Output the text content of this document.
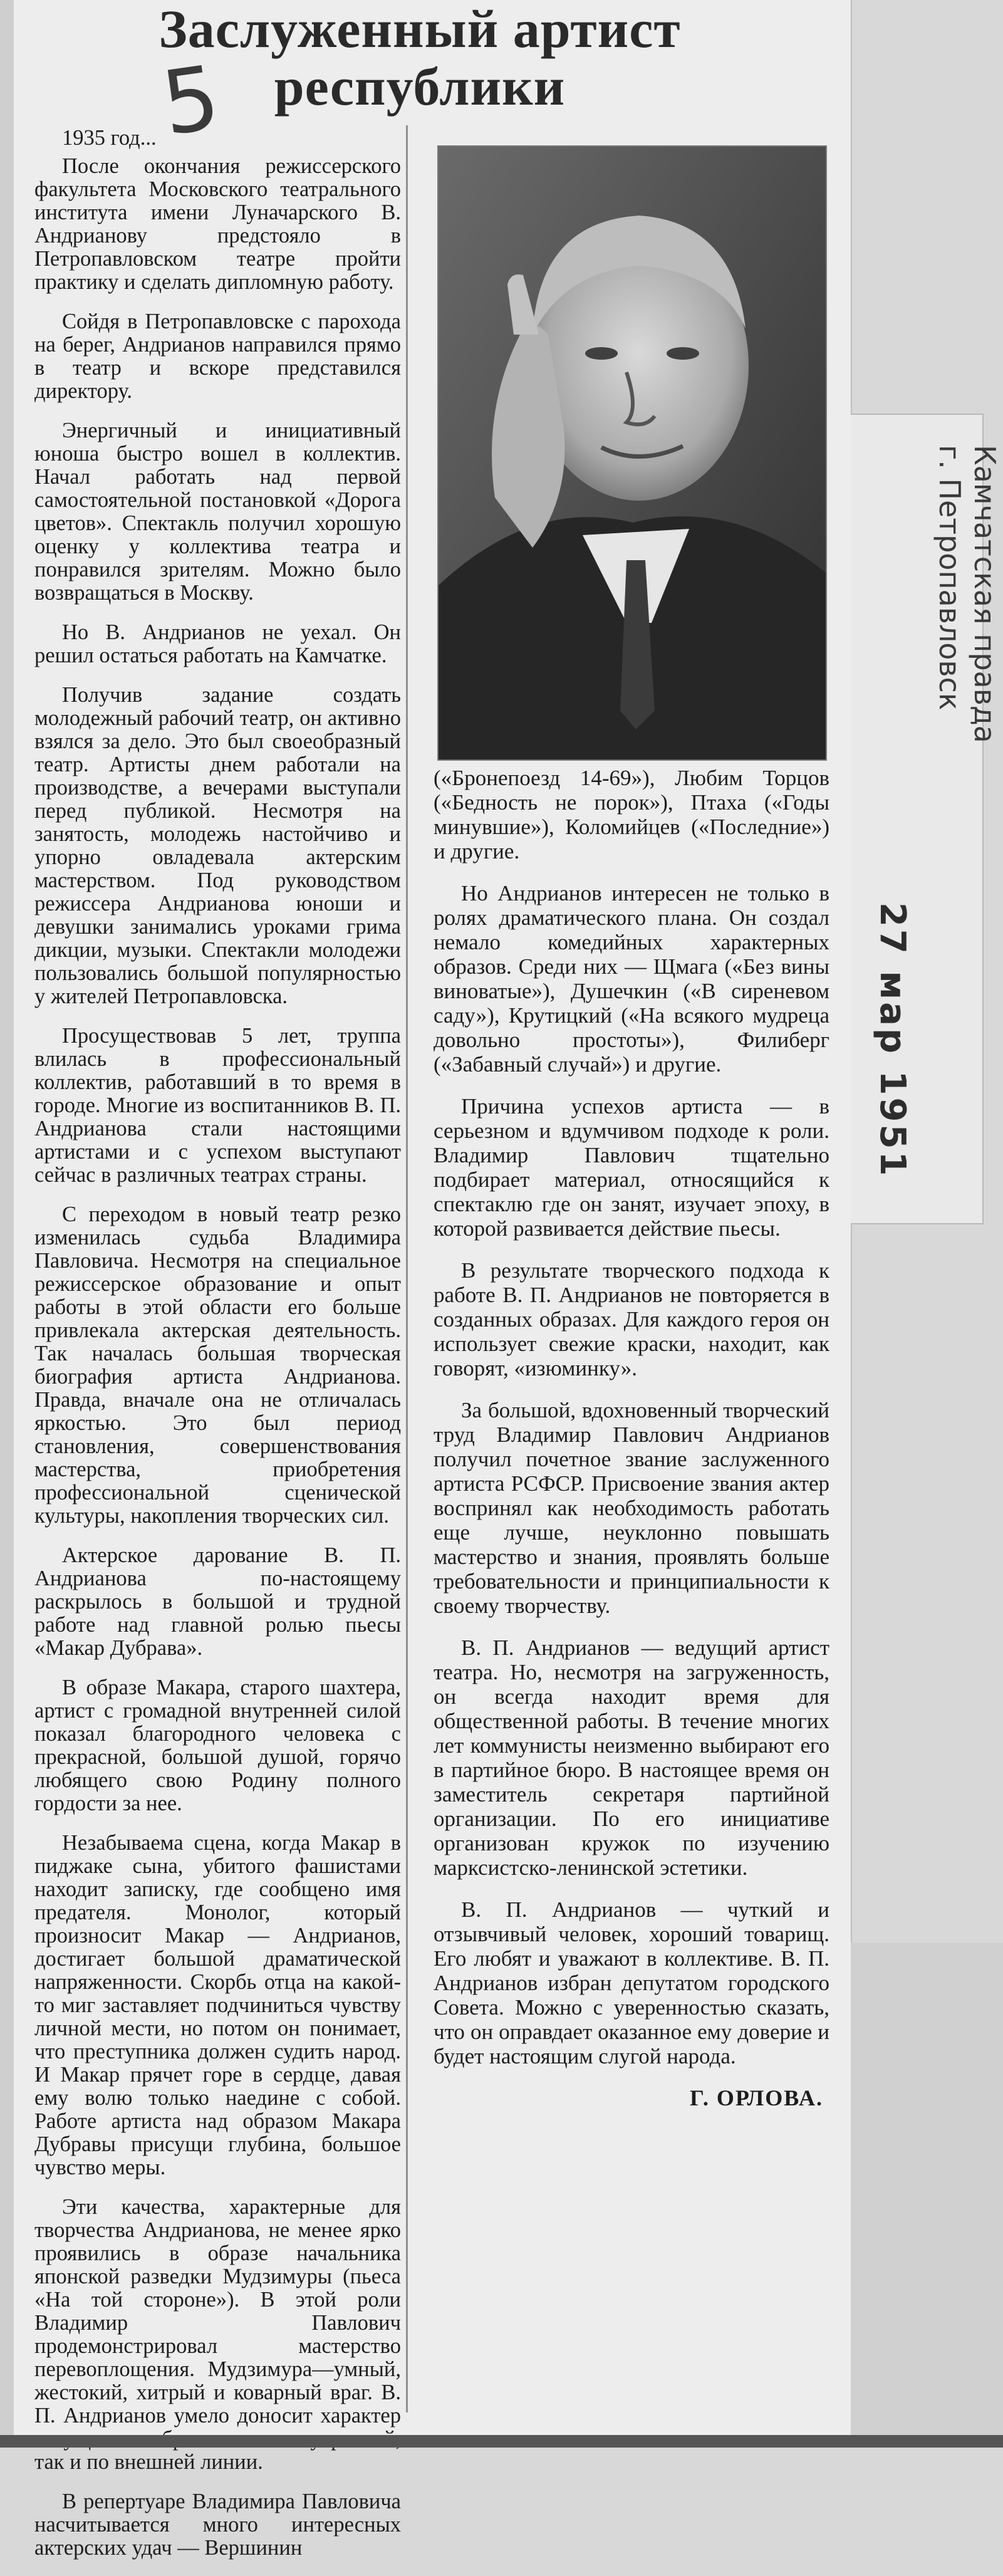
Заслуженный артист
республики
5

1935 год...

После окончания режиссерского факультета Московского театрального института имени Луначарского В. Андрианову предстояло в Петропавловском театре пройти практику и сделать дипломную работу.

Сойдя в Петропавловске с парохода на берег, Андрианов направился прямо в театр и вскоре представился директору.

Энергичный и инициативный юноша быстро вошел в коллектив. Начал работать над первой самостоятельной постановкой «Дорога цветов». Спектакль получил хорошую оценку у коллектива театра и понравился зрителям. Можно было возвращаться в Москву.

Но В. Андрианов не уехал. Он решил остаться работать на Камчатке.

Получив задание создать молодежный рабочий театр, он активно взялся за дело. Это был своеобразный театр. Артисты днем работали на производстве, а вечерами выступали перед публикой. Несмотря на занятость, молодежь настойчиво и упорно овладевала актерским мастерством. Под руководством режиссера Андрианова юноши и девушки занимались уроками грима дикции, музыки. Спектакли молодежи пользовались большой популярностью у жителей Петропавловска.

Просуществовав 5 лет, труппа влилась в профессиональный коллектив, работавший в то время в городе. Многие из воспитанников В. П. Андрианова стали настоящими артистами и с успехом выступают сейчас в различных театрах страны.

С переходом в новый театр резко изменилась судьба Владимира Павловича. Несмотря на специальное режиссерское образование и опыт работы в этой области его больше привлекала актерская деятельность. Так началась большая творческая биография артиста Андрианова. Правда, вначале она не отличалась яркостью. Это был период становления, совершенствования мастерства, приобретения профессиональной сценической культуры, накопления творческих сил.

Актерское дарование В. П. Андрианова по-настоящему раскрылось в большой и трудной работе над главной ролью пьесы «Макар Дубрава».

В образе Макара, старого шахтера, артист с громадной внутренней силой показал благородного человека с прекрасной, большой душой, горячо любящего свою Родину полного гордости за нее.

Незабываема сцена, когда Макар в пиджаке сына, убитого фашистами находит записку, где сообщено имя предателя. Монолог, который произносит Макар — Андрианов, достигает большой драматической напряженности. Скорбь отца на какой-то миг заставляет подчиниться чувству личной мести, но потом он понимает, что преступника должен судить народ. И Макар прячет горе в сердце, давая ему волю только наедине с собой. Работе артиста над образом Макара Дубравы присущи глубина, большое чувство меры.

Эти качества, характерные для творчества Андрианова, не менее ярко проявились в образе начальника японской разведки Мудзимуры (пьеса «На той стороне»). В этой роли Владимир Павлович продемонстрировал мастерство перевоплощения. Мудзимура—умный, жестокий, хитрый и коварный враг. В. П. Андрианов умело доносит характер так и по внешней линии.

В репертуаре Владимира Павловича насчитывается много интересных актерских удач — Вершинин

(«Бронепоезд 14-69»), Любим Торцов («Бедность не порок»), Птаха («Годы минувшие»), Коломийцев («Последние») и другие.

Но Андрианов интересен не только в ролях драматического плана. Он создал немало комедийных характерных образов. Среди них — Щмага («Без вины виноватые»), Душечкин («В сиреневом саду»), Крутицкий («На всякого мудреца довольно простоты»), Филиберг («Забавный случай») и другие.

Причина успехов артиста — в серьезном и вдумчивом подходе к роли. Владимир Павлович тщательно подбирает материал, относящийся к спектаклю где он занят, изучает эпоху, в которой развивается действие пьесы.

В результате творческого подхода к работе В. П. Андрианов не повторяется в созданных образах. Для каждого героя он использует свежие краски, находит, как говорят, «изюминку».

За большой, вдохновенный творческий труд Владимир Павлович Андрианов получил почетное звание заслуженного артиста РСФСР. Присвоение звания актер воспринял как необходимость работать еще лучше, неуклонно повышать мастерство и знания, проявлять больше требовательности и принципиальности к своему творчеству.

В. П. Андрианов — ведущий артист театра. Но, несмотря на загруженность, он всегда находит время для общественной работы. В течение многих лет коммунисты неизменно выбирают его в партийное бюро. В настоящее время он заместитель секретаря партийной организации. По его инициативе организован кружок по изучению марксистско-ленинской эстетики.

В. П. Андрианов — чуткий и отзывчивый человек, хороший товарищ. Его любят и уважают в коллективе. В. П. Андрианов избран депутатом городского Совета. Можно с уверенностью сказать, что он оправдает оказанное ему доверие и будет настоящим слугой народа.

Г. ОРЛОВА.
Камчатская правда
г. Петропавловск
27 мар 1951
